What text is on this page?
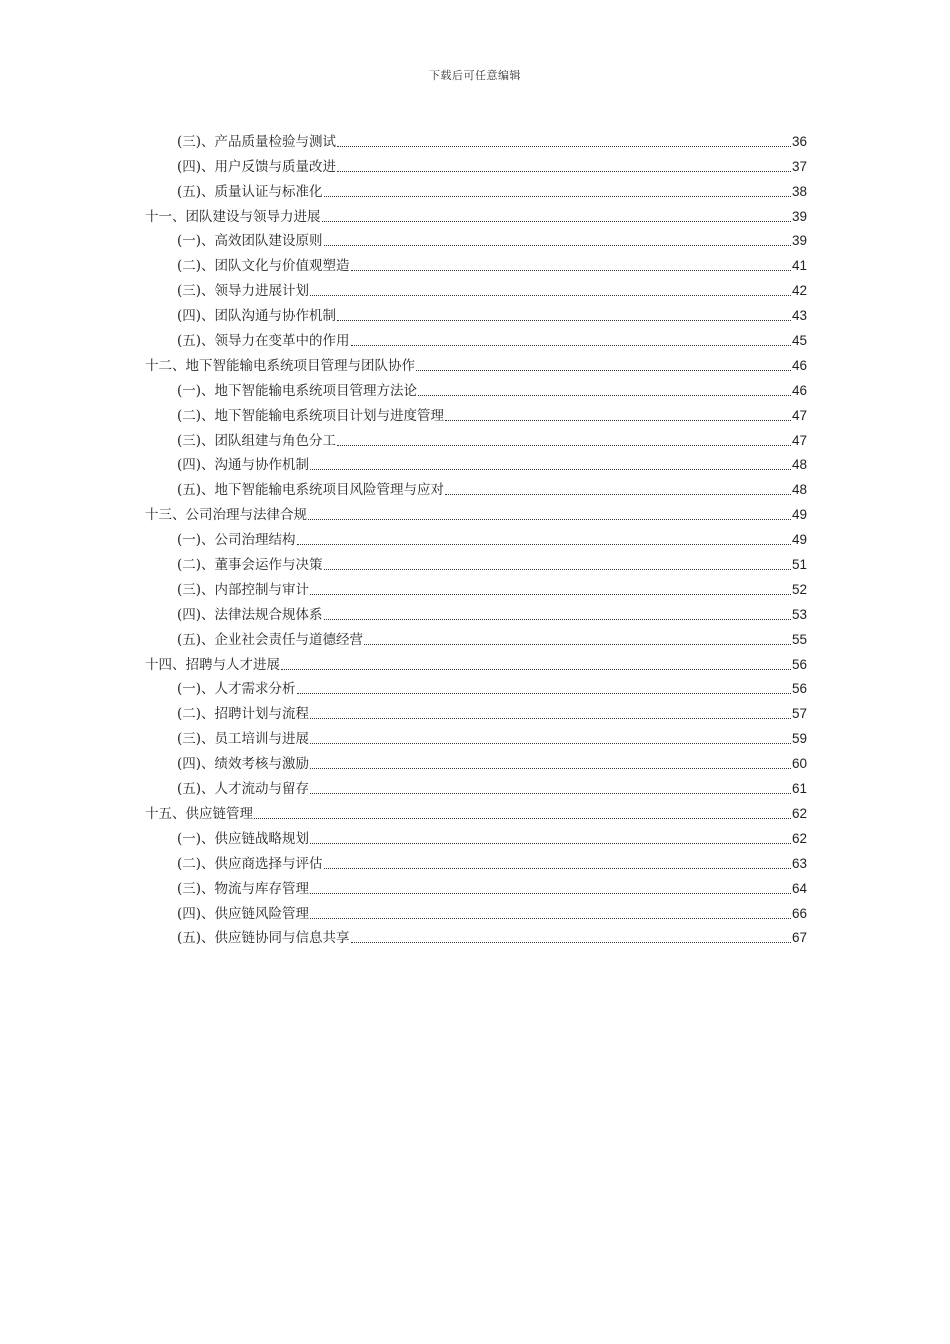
下载后可任意编辑
(三)、产品质量检验与测试	36
(四)、用户反馈与质量改进	37
(五)、质量认证与标准化	38
十一、团队建设与领导力进展	39
(一)、高效团队建设原则	39
(二)、团队文化与价值观塑造	41
(三)、领导力进展计划	42
(四)、团队沟通与协作机制	43
(五)、领导力在变革中的作用	45
十二、地下智能输电系统项目管理与团队协作	46
(一)、地下智能输电系统项目管理方法论	46
(二)、地下智能输电系统项目计划与进度管理	47
(三)、团队组建与角色分工	47
(四)、沟通与协作机制	48
(五)、地下智能输电系统项目风险管理与应对	48
十三、公司治理与法律合规	49
(一)、公司治理结构	49
(二)、董事会运作与决策	51
(三)、内部控制与审计	52
(四)、法律法规合规体系	53
(五)、企业社会责任与道德经营	55
十四、招聘与人才进展	56
(一)、人才需求分析	56
(二)、招聘计划与流程	57
(三)、员工培训与进展	59
(四)、绩效考核与激励	60
(五)、人才流动与留存	61
十五、供应链管理	62
(一)、供应链战略规划	62
(二)、供应商选择与评估	63
(三)、物流与库存管理	64
(四)、供应链风险管理	66
(五)、供应链协同与信息共享	67
